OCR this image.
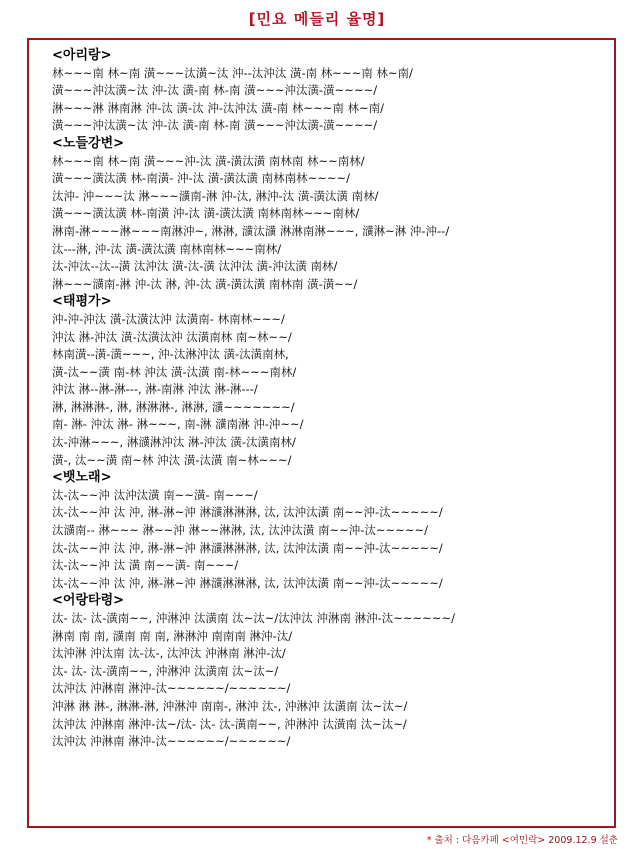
[민요 메들리 율명]
<아리랑>
林~~~南 林~南 潢~~~汰潢~汰 沖--汰沖汰 潢-南 林~~~南 林~南/
潢~~~沖汰潢~汰 沖-汰 潢-南 林-南 潢~~~沖汰潢-潢~~~~/
淋~~~淋 淋南淋 沖-汰 潢-汰 沖-汰沖汰 潢-南 林~~~南 林~南/
潢~~~沖汰潢~汰 沖-汰 潢-南 林-南 潢~~~沖汰潢-潢~~~~/
<노들강변>
林~~~南 林~南 潢~~~沖-汰 潢-潢汰潢 南林南 林~~南林/
潢~~~潢汰潢 林-南潢- 沖-汰 潢-潢汰潢 南林南林~~~~/
汰沖- 沖~~~汰 淋~~~㶂南-淋 沖-汰, 淋沖-汰 潢-潢汰潢 南林/
潢~~~潢汰潢 林-南潢 沖-汰 潢-潢汰潢 南林南林~~~南林/
淋南-淋~~~淋~~~南淋沖~, 淋淋, 㶂汰㶂 淋淋南淋~~~, 㶂淋~淋 沖-沖--/
汰---淋, 沖-汰 潢-潢汰潢 南林南林~~~南林/
汰-沖汰--汰--潢 汰沖汰 潢-汰-潢 汰沖汰 潢-沖汰潢 南林/
淋~~~㶂南-淋 沖-汰 淋, 沖-汰 潢-潢汰潢 南林南 潢-潢~~/
<태평가>
沖-沖-沖汰 潢-汰潢汰沖 汰潢南- 林南林~~~/
沖汰 淋-沖汰 潢-汰潢汰沖 汰潢南林 南~林~~/
林南潢--潢-潢~~~, 沖-汰淋沖汰 潢-汰潢南林,
潢-汰~~潢 南-林 沖汰 潢-汰潢 南-林~~~南林/
沖汰 淋--淋-淋---, 淋-南淋 沖汰 淋-淋---/
淋, 淋淋淋-, 淋, 淋淋淋-, 淋淋, 㶂~~~~~~~/
南- 淋- 沖汰 淋- 淋~~~, 南-淋 㶂南淋 沖-沖~~/
汰-沖淋~~~, 淋㶂淋沖汰 淋-沖汰 潢-汰潢南林/
潢-, 汰~~潢 南~林 沖汰 潢-汰潢 南~林~~~/
<뱃노래>
汰-汰~~沖 汰沖汰潢 南~~潢- 南~~~/
汰-汰~~沖 汰 沖, 淋-淋~沖 淋㶂淋淋淋, 汰, 汰沖汰潢 南~~沖-汰~~~~~/
汰㶂南-- 淋~~~ 淋~~沖 淋~~淋淋, 汰, 汰沖汰潢 南~~沖-汰~~~~~/
汰-汰~~沖 汰 沖, 淋-淋~沖 淋㶂淋淋淋, 汰, 汰沖汰潢 南~~沖-汰~~~~~/
汰-汰~~沖 汰 潢 南~~潢- 南~~~/
汰-汰~~沖 汰 沖, 淋-淋~沖 淋㶂淋淋淋, 汰, 汰沖汰潢 南~~沖-汰~~~~~/
<어랑타령>
汰- 汰- 汰-潢南~~, 沖淋沖 汰潢南 汰~汰~/汰沖汰 沖淋南 淋沖-汰~~~~~~/
淋南 南 南, 㶂南 南 南, 淋淋沖 南南南 淋沖-汰/
汰沖淋 沖汰南 汰-汰-, 汰沖汰 沖淋南 淋沖-汰/
汰- 汰- 汰-潢南~~, 沖淋沖 汰潢南 汰~汰~/
汰沖汰 沖淋南 淋沖-汰~~~~~~/~~~~~~/
沖淋 淋 淋-, 淋淋-淋, 沖淋沖 南南-, 淋沖 汰-, 沖淋沖 汰潢南 汰~汰~/
汰沖汰 沖淋南 淋沖-汰~/汰- 汰- 汰-潢南~~, 沖淋沖 汰潢南 汰~汰~/
汰沖汰 沖淋南 淋沖-汰~~~~~~/~~~~~~/
* 출처 : 다음카페 <여민락> 2009.12.9 설춘
